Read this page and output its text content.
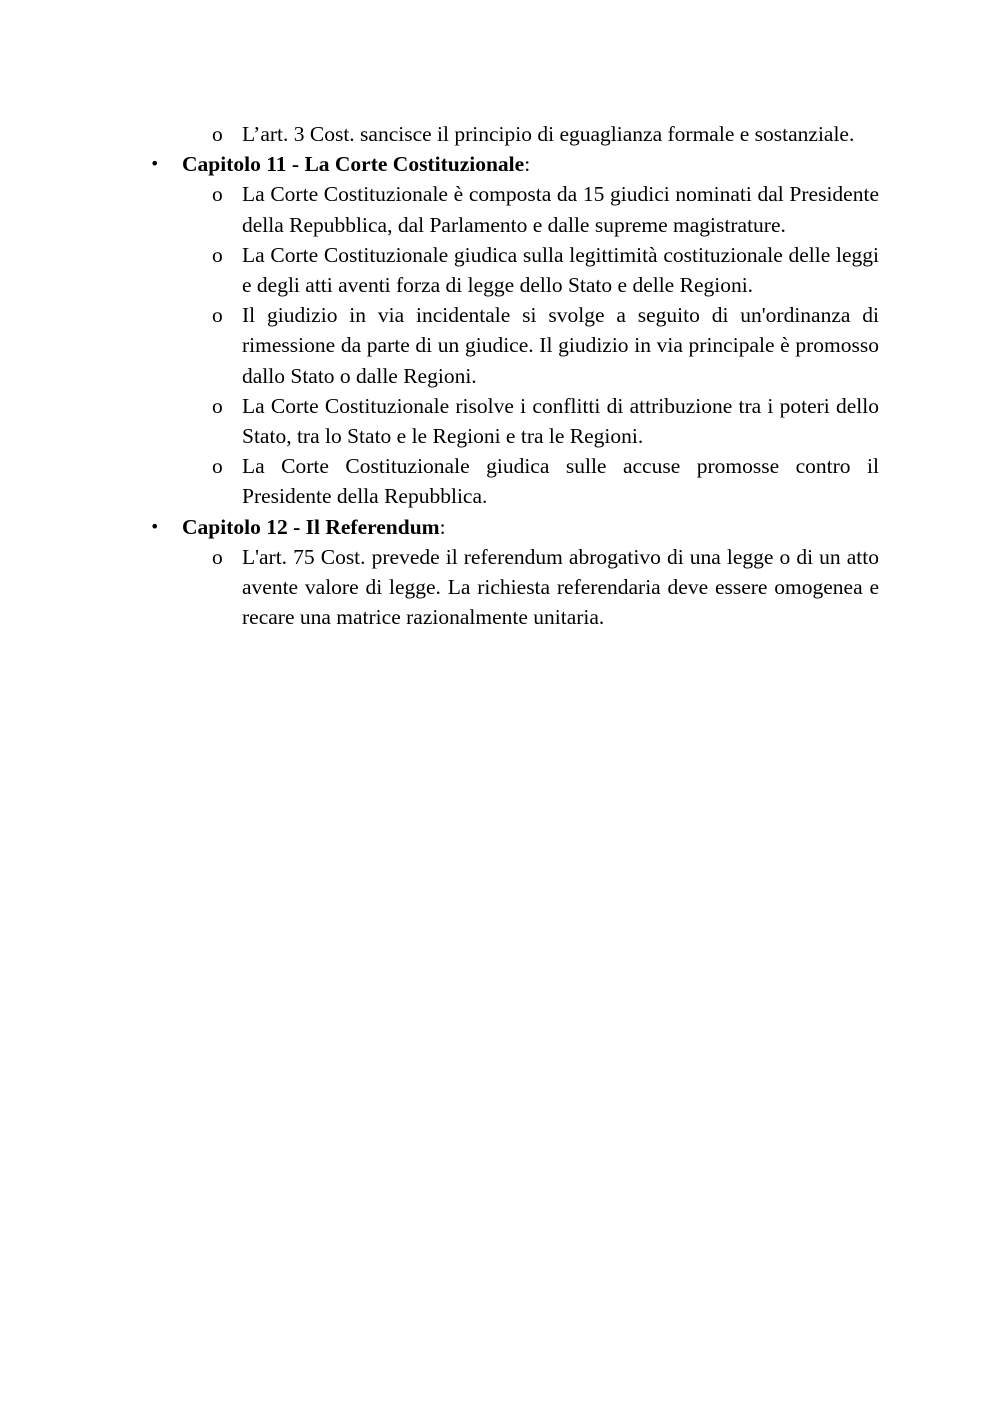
o L’art. 3 Cost. sancisce il principio di eguaglianza formale e sostanziale.
• Capitolo 11 - La Corte Costituzionale:
o La Corte Costituzionale è composta da 15 giudici nominati dal Presidente della Repubblica, dal Parlamento e dalle supreme magistrature.
o La Corte Costituzionale giudica sulla legittimità costituzionale delle leggi e degli atti aventi forza di legge dello Stato e delle Regioni.
o Il giudizio in via incidentale si svolge a seguito di un'ordinanza di rimessione da parte di un giudice. Il giudizio in via principale è promosso dallo Stato o dalle Regioni.
o La Corte Costituzionale risolve i conflitti di attribuzione tra i poteri dello Stato, tra lo Stato e le Regioni e tra le Regioni.
o La Corte Costituzionale giudica sulle accuse promosse contro il Presidente della Repubblica.
• Capitolo 12 - Il Referendum:
o L'art. 75 Cost. prevede il referendum abrogativo di una legge o di un atto avente valore di legge. La richiesta referendaria deve essere omogenea e recare una matrice razionalmente unitaria.
